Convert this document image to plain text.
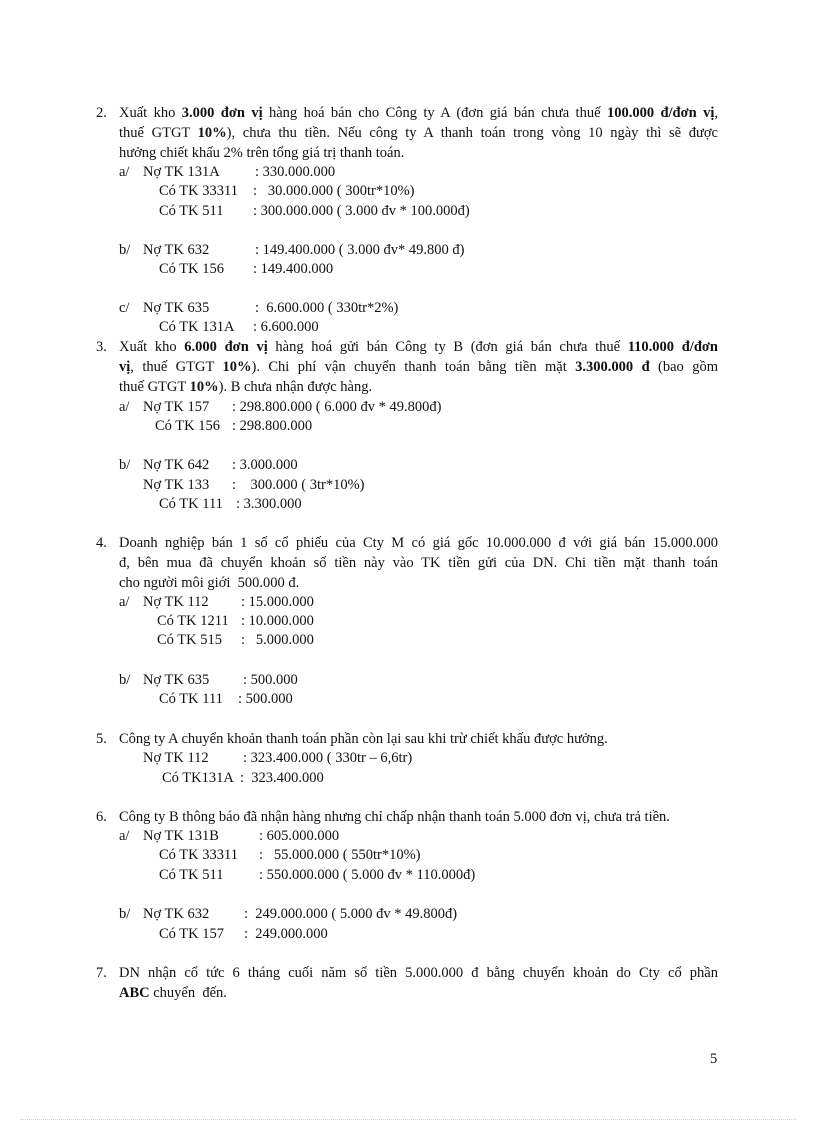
2. Xuất kho 3.000 đơn vị hàng hoá bán cho Công ty A (đơn giá bán chưa thuế 100.000 đ/đơn vị,
thuế GTGT 10%), chưa thu tiền. Nếu công ty A thanh toán trong vòng 10 ngày thì sẽ được
hưởng chiết khấu 2% trên tổng giá trị thanh toán.
a/ Nợ TK 131A : 330.000.000
Có TK 33311 :   30.000.000 ( 300tr*10%)
Có TK 511 : 300.000.000 ( 3.000 đv * 100.000đ)
b/ Nợ TK 632	: 149.400.000 ( 3.000 đv* 49.800 đ)
Có TK 156 : 149.400.000
c/ Nợ TK 635	:  6.600.000 ( 330tr*2%)
Có TK 131A : 6.600.000
3. Xuất kho 6.000 đơn vị hàng hoá gửi bán Công ty B (đơn giá bán chưa thuế 110.000 đ/đơn
vị, thuế GTGT 10%). Chi phí vận chuyển thanh toán bằng tiền mặt 3.300.000 đ (bao gồm
thuế GTGT 10%). B chưa nhận được hàng.
a/ Nợ TK 157 : 298.800.000 ( 6.000 đv * 49.800đ)
Có TK 156 : 298.800.000
b/ Nợ TK 642 : 3.000.000
Nợ TK 133 :    300.000 ( 3tr*10%)
Có TK 111 : 3.300.000
4. Doanh nghiệp bán 1 số cổ phiếu của Cty M có giá gốc 10.000.000 đ với giá bán 15.000.000
đ, bên mua đã chuyển khoản số tiền này vào TK tiền gửi của DN. Chi tiền mặt thanh toán
cho người môi giới  500.000 đ.
a/ Nợ TK 112 : 15.000.000
Có TK 1211 : 10.000.000
Có TK 515 :   5.000.000
b/ Nợ TK 635 : 500.000
Có TK 111 : 500.000
5. Công ty A chuyển khoản thanh toán phần còn lại sau khi trừ chiết khấu được hưởng.
Nợ TK 112 : 323.400.000 ( 330tr – 6,6tr)
Có TK131A :  323.400.000
6. Công ty B thông báo đã nhận hàng nhưng chỉ chấp nhận thanh toán 5.000 đơn vị, chưa trả tiền.
a/ Nợ TK 131B	: 605.000.000
Có TK 33311 :   55.000.000 ( 550tr*10%)
Có TK 511 : 550.000.000 ( 5.000 đv * 110.000đ)
b/ Nợ TK 632 :  249.000.000 ( 5.000 đv * 49.800đ)
Có TK 157 :  249.000.000
7. DN nhận cổ tức 6 tháng cuối năm số tiền 5.000.000 đ bằng chuyển khoản do Cty cổ phần
ABC chuyển  đến.
5
